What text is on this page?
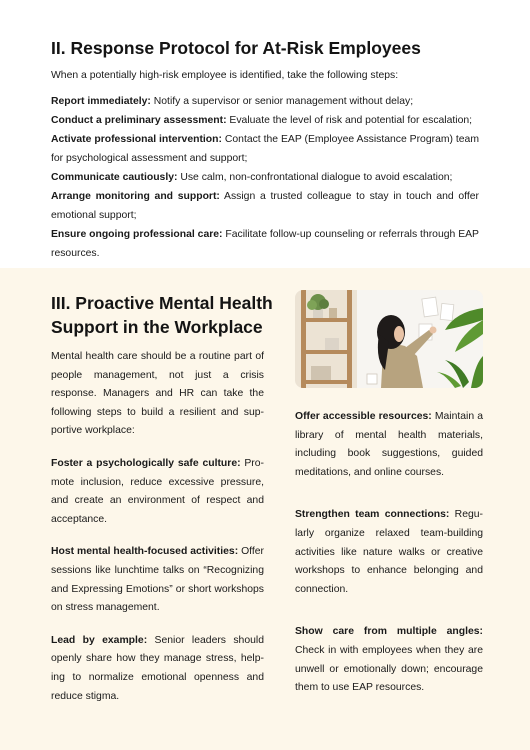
II. Response Protocol for At-Risk Employees

When a potentially high-risk employee is identified, take the following steps:

Report immediately: Notify a supervisor or senior management without delay;

Conduct a preliminary assessment: Evaluate the level of risk and potential for escalation;

Activate professional intervention: Contact the EAP (Employee Assistance Program) team for psychological assessment and support;

Communicate cautiously: Use calm, non-confrontational dialogue to avoid escalation;

Arrange monitoring and support: Assign a trusted colleague to stay in touch and offer emotional support;

Ensure ongoing professional care: Facilitate follow-up counseling or referrals through EAP resources.

III. Proactive Mental Health Support in the Workplace

Mental health care should be a routine part of people management, not just a crisis response. Managers and HR can take the following steps to build a resilient and supportive workplace:

Foster a psychologically safe culture: Promote inclusion, reduce excessive pressure, and create an environment of respect and acceptance.

Host mental health-focused activities: Offer sessions like lunchtime talks on “Recognizing and Expressing Emotions” or short workshops on stress management.

Lead by example: Senior leaders should openly share how they manage stress, helping to normalize emotional openness and reduce stigma.

Offer accessible resources: Maintain a library of mental health materials, including book suggestions, guided meditations, and online courses.

Strengthen team connections: Regularly organize relaxed team-building activities like nature walks or creative workshops to enhance belonging and connection.

Show care from multiple angles: Check in with employees when they are unwell or emotionally down; encourage them to use EAP resources.
